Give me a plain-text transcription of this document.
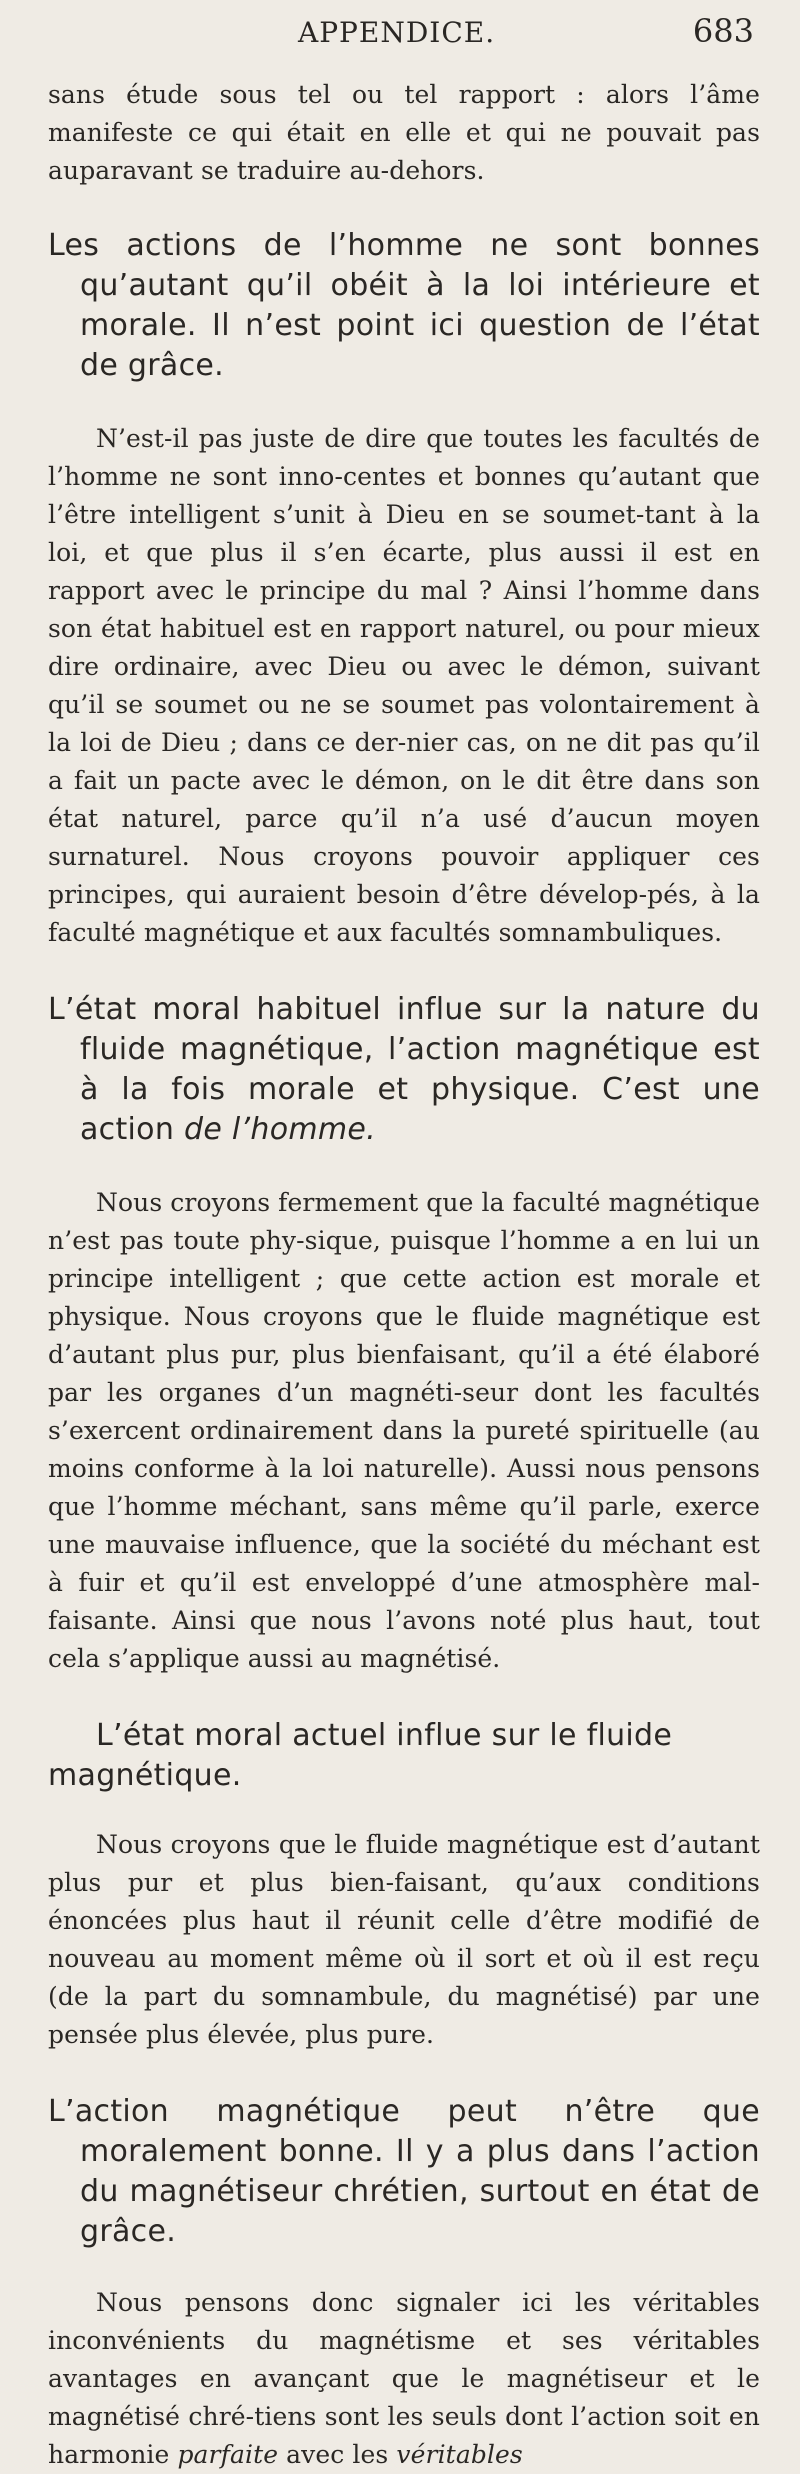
APPENDICE.	683

sans étude sous tel ou tel rapport : alors l’âme manifeste ce qui était en elle et qui ne pouvait pas auparavant se traduire au-dehors.

Les actions de l’homme ne sont bonnes qu’autant qu’il obéit à la loi intérieure et morale. Il n’est point ici question de l’état de grâce.

N’est-il pas juste de dire que toutes les facultés de l’homme ne sont inno-centes et bonnes qu’autant que l’être intelligent s’unit à Dieu en se soumet-tant à la loi, et que plus il s’en écarte, plus aussi il est en rapport avec le principe du mal ? Ainsi l’homme dans son état habituel est en rapport naturel, ou pour mieux dire ordinaire, avec Dieu ou avec le démon, suivant qu’il se soumet ou ne se soumet pas volontairement à la loi de Dieu ; dans ce der-nier cas, on ne dit pas qu’il a fait un pacte avec le démon, on le dit être dans son état naturel, parce qu’il n’a usé d’aucun moyen surnaturel. Nous croyons pouvoir appliquer ces principes, qui auraient besoin d’être dévelop-pés, à la faculté magnétique et aux facultés somnambuliques.

L’état moral habituel influe sur la nature du fluide magnétique, l’action magnétique est à la fois morale et physique. C’est une action de l’homme.

Nous croyons fermement que la faculté magnétique n’est pas toute phy-sique, puisque l’homme a en lui un principe intelligent ; que cette action est morale et physique. Nous croyons que le fluide magnétique est d’autant plus pur, plus bienfaisant, qu’il a été élaboré par les organes d’un magnéti-seur dont les facultés s’exercent ordinairement dans la pureté spirituelle (au moins conforme à la loi naturelle). Aussi nous pensons que l’homme méchant, sans même qu’il parle, exerce une mauvaise influence, que la société du méchant est à fuir et qu’il est enveloppé d’une atmosphère mal-faisante. Ainsi que nous l’avons noté plus haut, tout cela s’applique aussi au magnétisé.

L’état moral actuel influe sur le fluide magnétique.

Nous croyons que le fluide magnétique est d’autant plus pur et plus bien-faisant, qu’aux conditions énoncées plus haut il réunit celle d’être modifié de nouveau au moment même où il sort et où il est reçu (de la part du somnambule, du magnétisé) par une pensée plus élevée, plus pure.

L’action magnétique peut n’être que moralement bonne. Il y a plus dans l’action du magnétiseur chrétien, surtout en état de grâce.

Nous pensons donc signaler ici les véritables inconvénients du magnétisme et ses véritables avantages en avançant que le magnétiseur et le magnétisé chré-tiens sont les seuls dont l’action soit en harmonie parfaite avec les véritables
